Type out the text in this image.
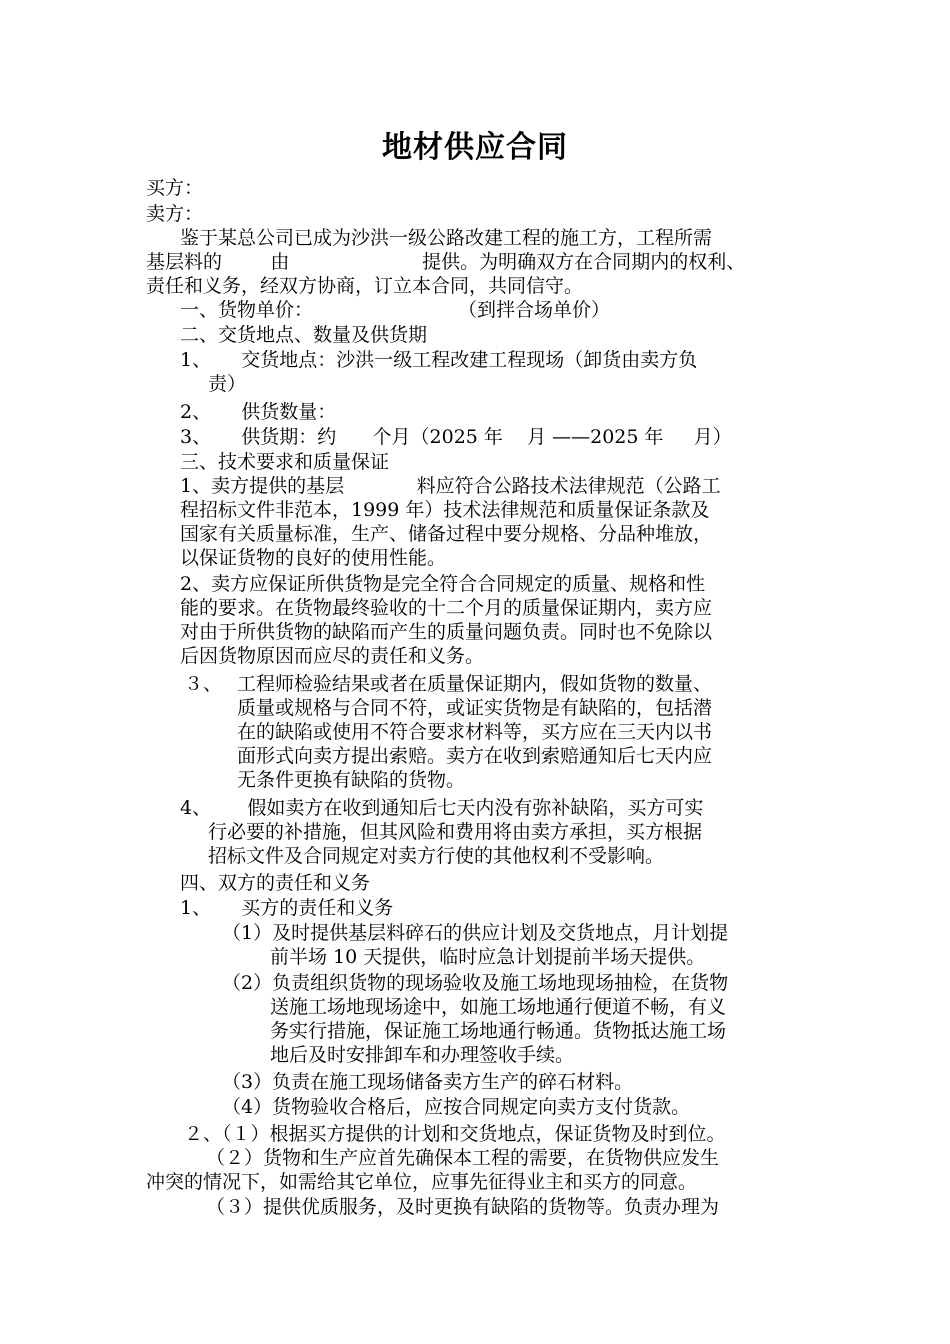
地材供应合同
买方：
卖方：
鉴于某总公司已成为沙洪一级公路改建工程的施工方，工程所需
基层料的        由                      提供。为明确双方在合同期内的权利、
责任和义务，经双方协商，订立本合同，共同信守。
一、货物单价：                        （到拌合场单价）
二、交货地点、数量及供货期
1、     交货地点：沙洪一级工程改建工程现场（卸货由卖方负
责）
2、     供货数量：
3、     供货期：约      个月（2025 年    月 ——2025 年     月）
三、技术要求和质量保证
1、卖方提供的基层            料应符合公路技术法律规范（公路工
程招标文件非范本，1999 年）技术法律规范和质量保证条款及
国家有关质量标准，生产、储备过程中要分规格、分品种堆放，
以保证货物的良好的使用性能。
2、卖方应保证所供货物是完全符合合同规定的质量、规格和性
能的要求。在货物最终验收的十二个月的质量保证期内，卖方应
对由于所供货物的缺陷而产生的质量问题负责。同时也不免除以
后因货物原因而应尽的责任和义务。
３、 工程师检验结果或者在质量保证期内，假如货物的数量、
质量或规格与合同不符，或证实货物是有缺陷的，包括潜
在的缺陷或使用不符合要求材料等，买方应在三天内以书
面形式向卖方提出索赔。卖方在收到索赔通知后七天内应
无条件更换有缺陷的货物。
4、      假如卖方在收到通知后七天内没有弥补缺陷，买方可实
行必要的补措施，但其风险和费用将由卖方承担，买方根据
招标文件及合同规定对卖方行使的其他权利不受影响。
四、双方的责任和义务
1、     买方的责任和义务
（1）及时提供基层料碎石的供应计划及交货地点，月计划提
前半场 10 天提供，临时应急计划提前半场天提供。
（2）负责组织货物的现场验收及施工场地现场抽检，在货物
送施工场地现场途中，如施工场地通行便道不畅，有义
务实行措施，保证施工场地通行畅通。货物抵达施工场
地后及时安排卸车和办理签收手续。
（3）负责在施工现场储备卖方生产的碎石材料。
（4）货物验收合格后，应按合同规定向卖方支付货款。
２、（１）根据买方提供的计划和交货地点，保证货物及时到位。
（２）货物和生产应首先确保本工程的需要，在货物供应发生
冲突的情况下，如需给其它单位，应事先征得业主和买方的同意。
（３）提供优质服务，及时更换有缺陷的货物等。负责办理为
